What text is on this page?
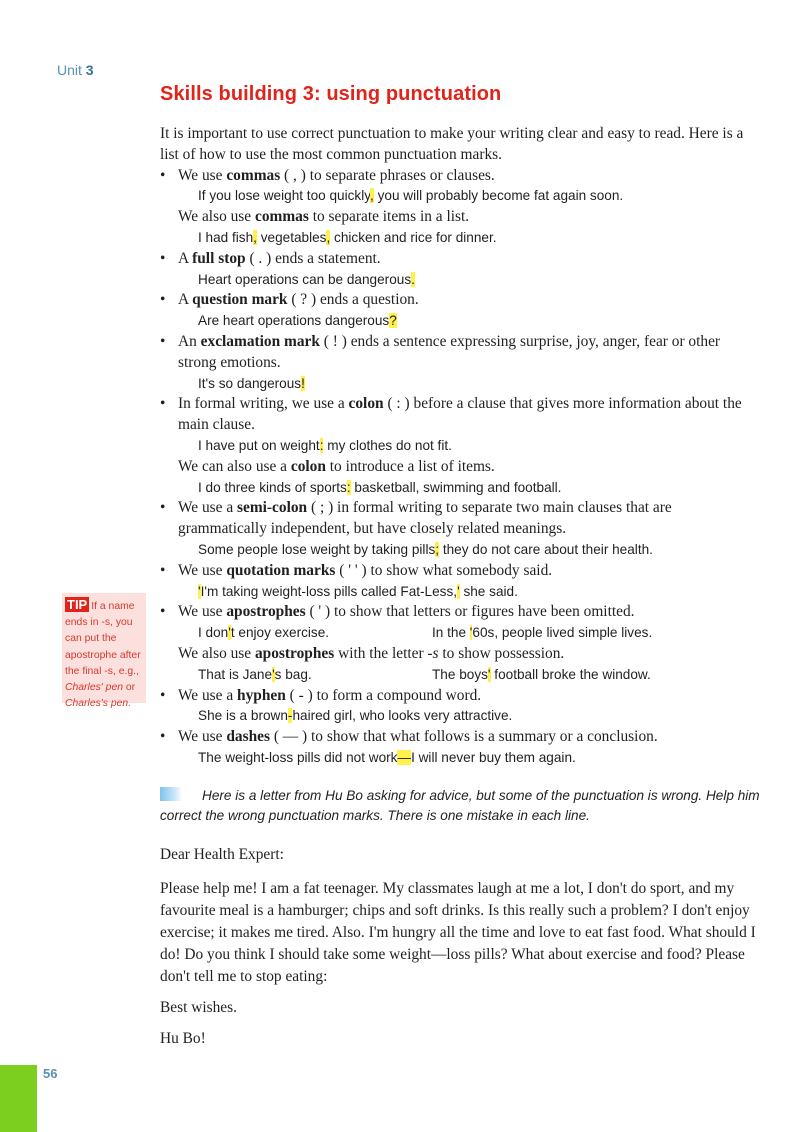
Unit 3
Skills building 3: using punctuation

It is important to use correct punctuation to make your writing clear and easy to read. Here is a list of how to use the most common punctuation marks.

• We use commas ( , ) to separate phrases or clauses.
If you lose weight too quickly, you will probably become fat again soon.
We also use commas to separate items in a list.
I had fish, vegetables, chicken and rice for dinner.
• A full stop ( . ) ends a statement.
Heart operations can be dangerous.
• A question mark ( ? ) ends a question.
Are heart operations dangerous?
• An exclamation mark ( ! ) ends a sentence expressing surprise, joy, anger, fear or other strong emotions.
It's so dangerous!
• In formal writing, we use a colon ( : ) before a clause that gives more information about the main clause.
I have put on weight: my clothes do not fit.
We can also use a colon to introduce a list of items.
I do three kinds of sports: basketball, swimming and football.
• We use a semi-colon ( ; ) in formal writing to separate two main clauses that are grammatically independent, but have closely related meanings.
Some people lose weight by taking pills; they do not care about their health.
• We use quotation marks ( ' ' ) to show what somebody said.
'I'm taking weight-loss pills called Fat-Less,' she said.
• We use apostrophes ( ' ) to show that letters or figures have been omitted.
I don't enjoy exercise.	In the '60s, people lived simple lives.
We also use apostrophes with the letter -s to show possession.
That is Jane's bag.	The boys' football broke the window.
• We use a hyphen ( - ) to form a compound word.
She is a brown-haired girl, who looks very attractive.
• We use dashes ( — ) to show that what follows is a summary or a conclusion.
The weight-loss pills did not work—I will never buy them again.
TIP If a name ends in -s, you can put the apostrophe after the final -s, e.g., Charles' pen or Charles's pen.
Here is a letter from Hu Bo asking for advice, but some of the punctuation is wrong. Help him correct the wrong punctuation marks. There is one mistake in each line.

Dear Health Expert:

Please help me! I am a fat teenager. My classmates laugh at me a lot, I don't do sport, and my favourite meal is a hamburger; chips and soft drinks. Is this really such a problem? I don't enjoy exercise; it makes me tired. Also. I'm hungry all the time and love to eat fast food. What should I do! Do you think I should take some weight—loss pills? What about exercise and food? Please don't tell me to stop eating:

Best wishes.

Hu Bo!

56
